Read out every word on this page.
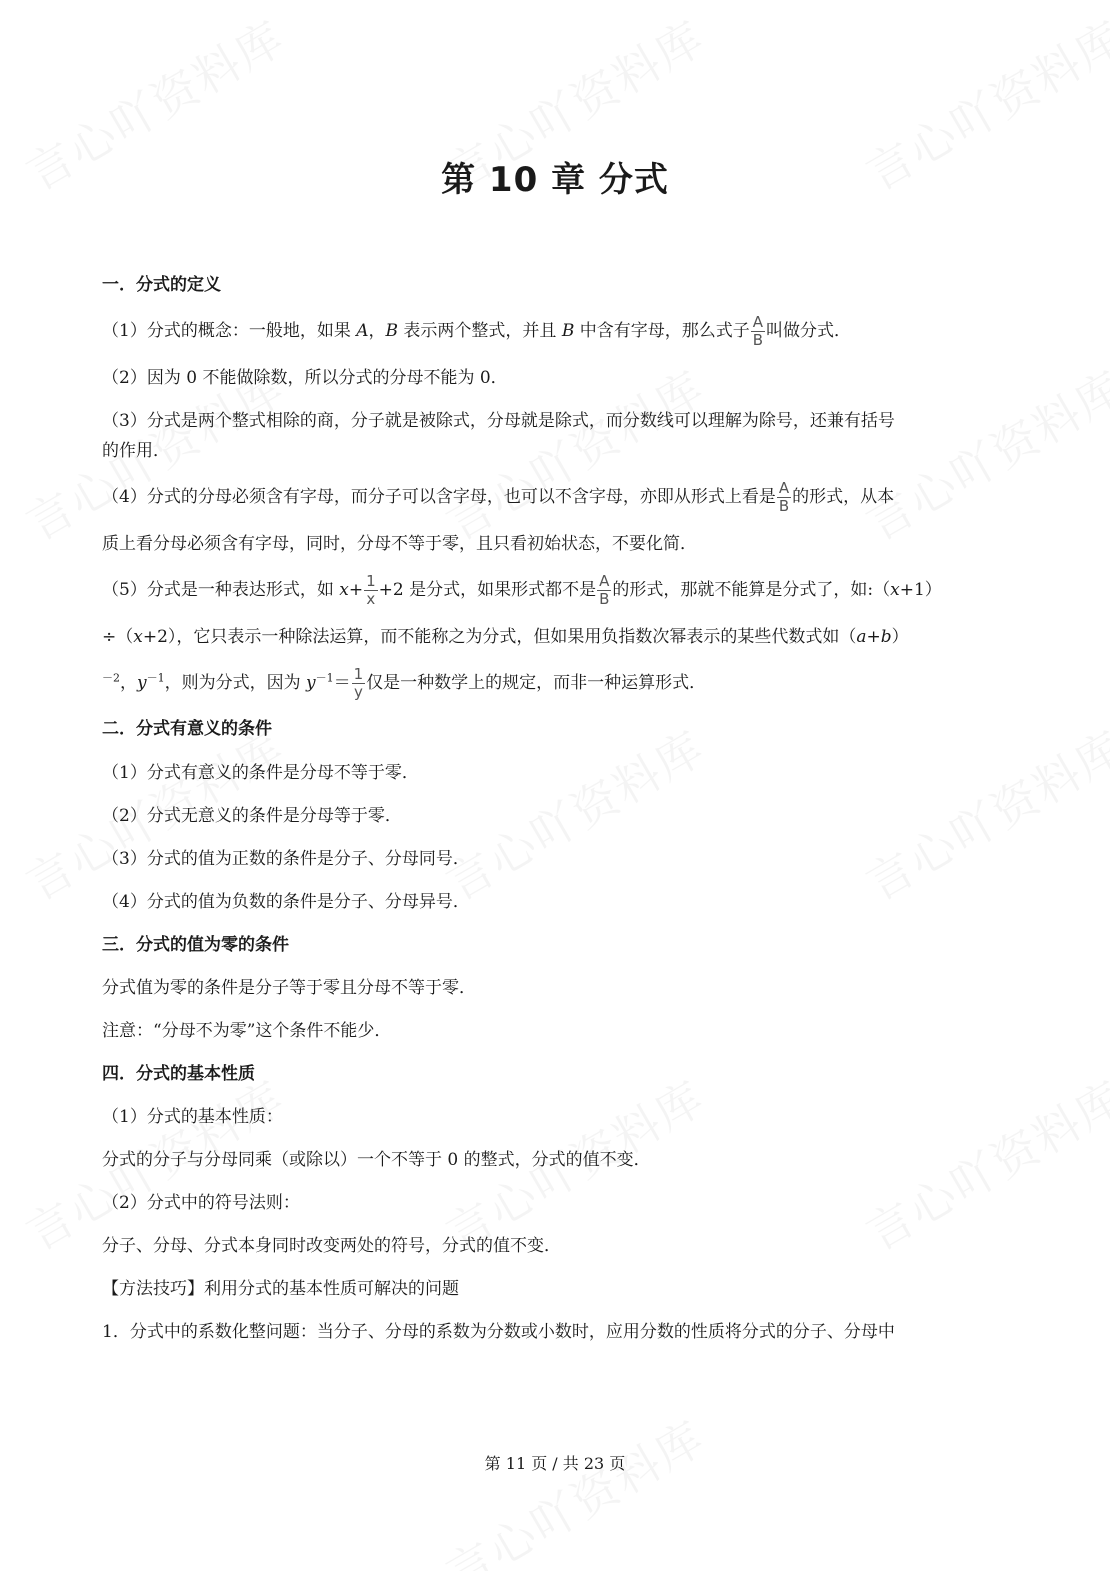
第 10 章 分式

一．分式的定义

（1）分式的概念：一般地，如果 A，B 表示两个整式，并且 B 中含有字母，那么式子 $\frac{A}{B}$ 叫做分式．

（2）因为 0 不能做除数，所以分式的分母不能为 0．

（3）分式是两个整式相除的商，分子就是被除式，分母就是除式，而分数线可以理解为除号，还兼有括号

的作用．

（4）分式的分母必须含有字母，而分子可以含字母，也可以不含字母，亦即从形式上看是 $\frac{A}{B}$ 的形式，从本

质上看分母必须含有字母，同时，分母不等于零，且只看初始状态，不要化简．

（5）分式是一种表达形式，如 $x+ \frac{1}{x} +2$ 是分式，如果形式都不是 $\frac{A}{B}$ 的形式，那就不能算是分式了，如:（x+1）

÷（x+2），它只表示一种除法运算，而不能称之为分式，但如果用负指数次幂表示的某些代数式如（a+b）

$^{-2}$，$y^{-1}$，则为分式，因为 $y^{-1}= \frac{1}{y}$ 仅是一种数学上的规定，而非一种运算形式．

二．分式有意义的条件

（1）分式有意义的条件是分母不等于零．

（2）分式无意义的条件是分母等于零．

（3）分式的值为正数的条件是分子、分母同号．

（4）分式的值为负数的条件是分子、分母异号．

三．分式的值为零的条件

分式值为零的条件是分子等于零且分母不等于零．

注意：“分母不为零”这个条件不能少．

四．分式的基本性质

（1）分式的基本性质：

分式的分子与分母同乘（或除以）一个不等于 0 的整式，分式的值不变．

（2）分式中的符号法则：

分子、分母、分式本身同时改变两处的符号，分式的值不变．

【方法技巧】利用分式的基本性质可解决的问题

1．分式中的系数化整问题：当分子、分母的系数为分数或小数时，应用分数的性质将分式的分子、分母中

第 11 页 / 共 23 页
